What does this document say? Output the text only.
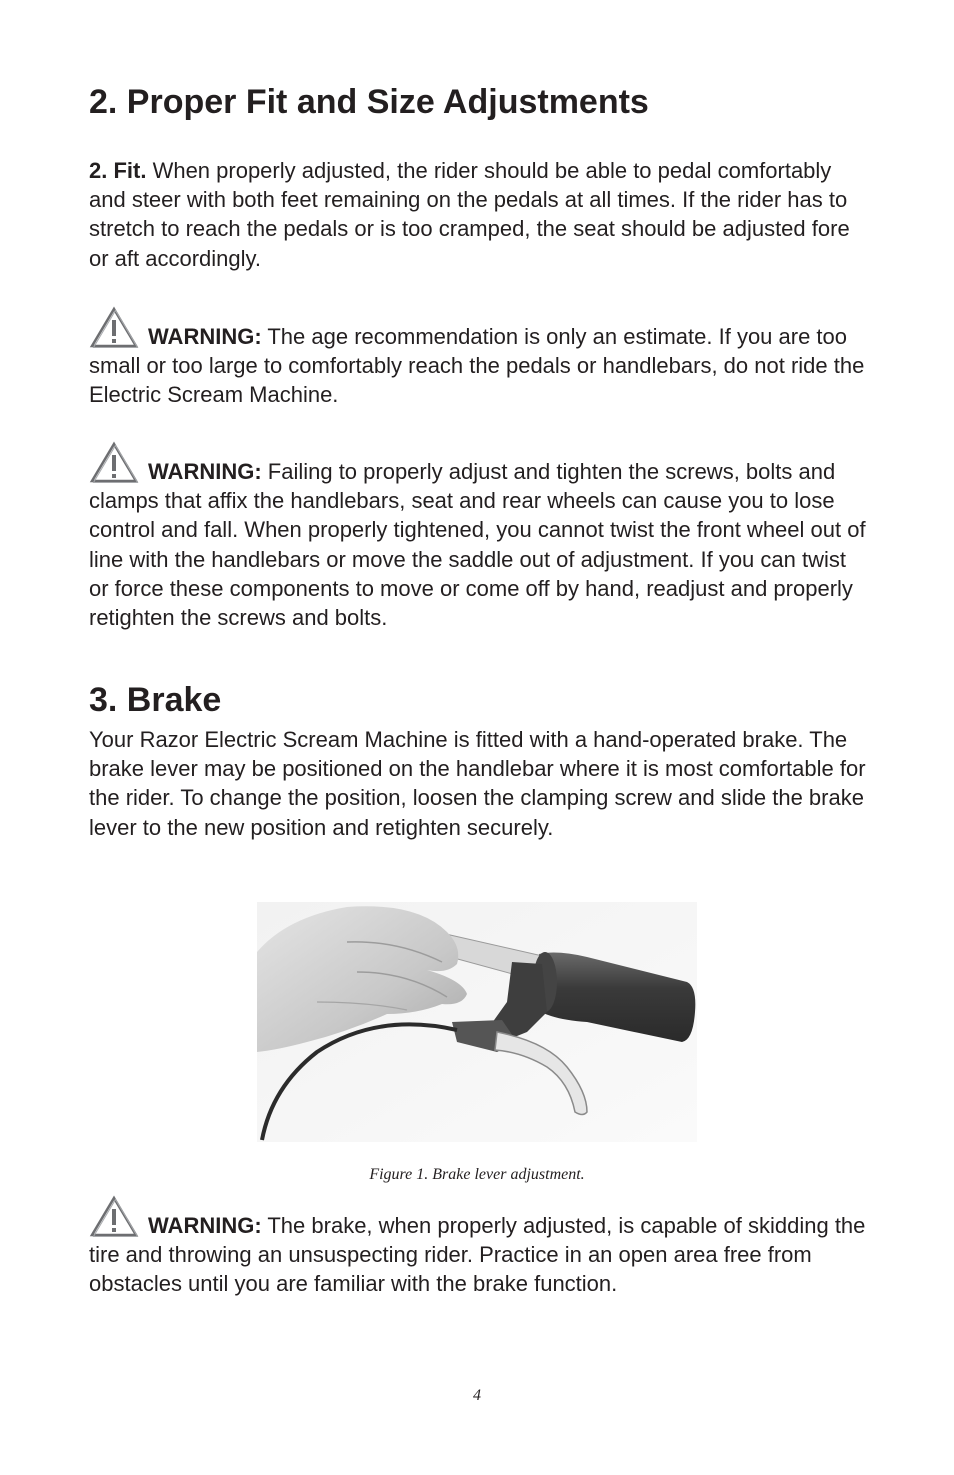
2. Proper Fit and Size Adjustments

2. Fit. When properly adjusted, the rider should be able to pedal comfortably and steer with both feet remaining on the pedals at all times. If the rider has to stretch to reach the pedals or is too cramped, the seat should be adjusted fore or aft accordingly.

WARNING: The age recommendation is only an estimate. If you are too small or too large to comfortably reach the pedals or handlebars, do not ride the Electric Scream Machine.

WARNING: Failing to properly adjust and tighten the screws, bolts and clamps that affix the handlebars, seat and rear wheels can cause you to lose control and fall. When properly tightened, you cannot twist the front wheel out of line with the handlebars or move the saddle out of adjustment. If you can twist or force these components to move or come off by hand, readjust and properly retighten the screws and bolts.

3. Brake

Your Razor Electric Scream Machine is fitted with a hand-operated brake. The brake lever may be positioned on the handlebar where it is most comfortable for the rider. To change the position, loosen the clamping screw and slide the brake lever to the new position and retighten securely.

Figure 1. Brake lever adjustment.

WARNING: The brake, when properly adjusted, is capable of skidding the tire and throwing an unsuspecting rider. Practice in an open area free from obstacles until you are familiar with the brake function.

4
